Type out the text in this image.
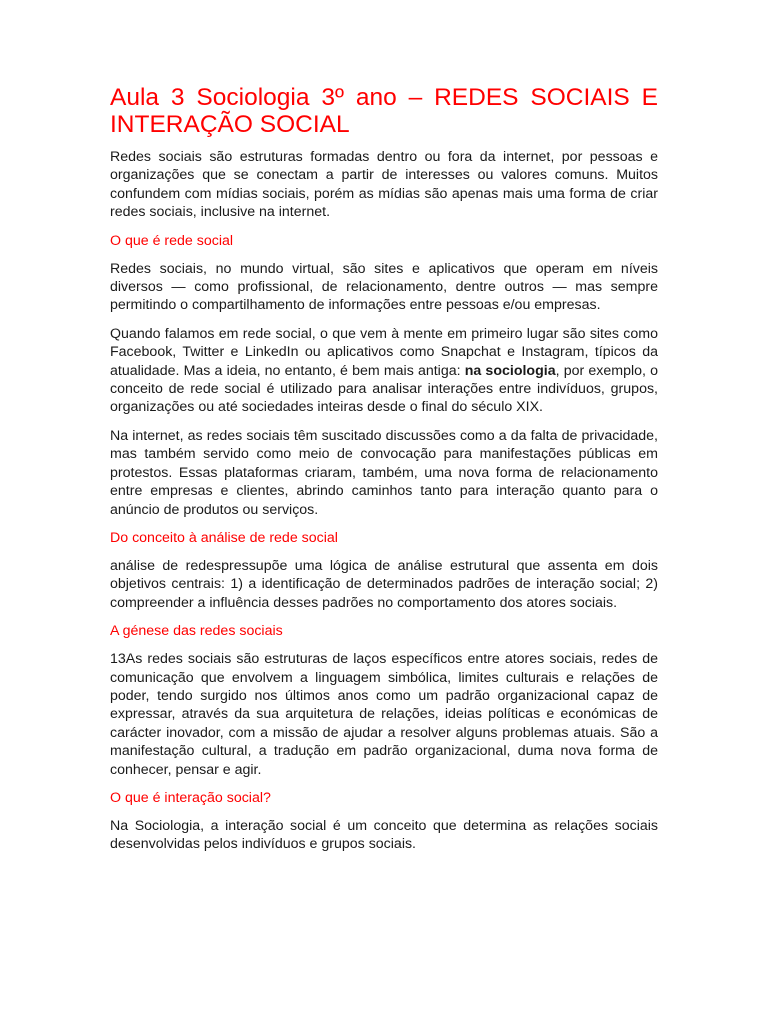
Aula 3 Sociologia 3º ano – REDES SOCIAIS E INTERAÇÃO SOCIAL

Redes sociais são estruturas formadas dentro ou fora da internet, por pessoas e organizações que se conectam a partir de interesses ou valores comuns. Muitos confundem com mídias sociais, porém as mídias são apenas mais uma forma de criar redes sociais, inclusive na internet.

O que é rede social

Redes sociais, no mundo virtual, são sites e aplicativos que operam em níveis diversos — como profissional, de relacionamento, dentre outros — mas sempre permitindo o compartilhamento de informações entre pessoas e/ou empresas.

Quando falamos em rede social, o que vem à mente em primeiro lugar são sites como Facebook, Twitter e LinkedIn ou aplicativos como Snapchat e Instagram, típicos da atualidade. Mas a ideia, no entanto, é bem mais antiga: na sociologia, por exemplo, o conceito de rede social é utilizado para analisar interações entre indivíduos, grupos, organizações ou até sociedades inteiras desde o final do século XIX.

Na internet, as redes sociais têm suscitado discussões como a da falta de privacidade, mas também servido como meio de convocação para manifestações públicas em protestos. Essas plataformas criaram, também, uma nova forma de relacionamento entre empresas e clientes, abrindo caminhos tanto para interação quanto para o anúncio de produtos ou serviços.

Do conceito à análise de rede social

análise de redespressupõe uma lógica de análise estrutural que assenta em dois objetivos centrais: 1) a identificação de determinados padrões de interação social; 2) compreender a influência desses padrões no comportamento dos atores sociais.

A génese das redes sociais

13As redes sociais são estruturas de laços específicos entre atores sociais, redes de comunicação que envolvem a linguagem simbólica, limites culturais e relações de poder, tendo surgido nos últimos anos como um padrão organizacional capaz de expressar, através da sua arquitetura de relações, ideias políticas e económicas de carácter inovador, com a missão de ajudar a resolver alguns problemas atuais. São a manifestação cultural, a tradução em padrão organizacional, duma nova forma de conhecer, pensar e agir.

O que é interação social?

Na Sociologia, a interação social é um conceito que determina as relações sociais desenvolvidas pelos indivíduos e grupos sociais.
